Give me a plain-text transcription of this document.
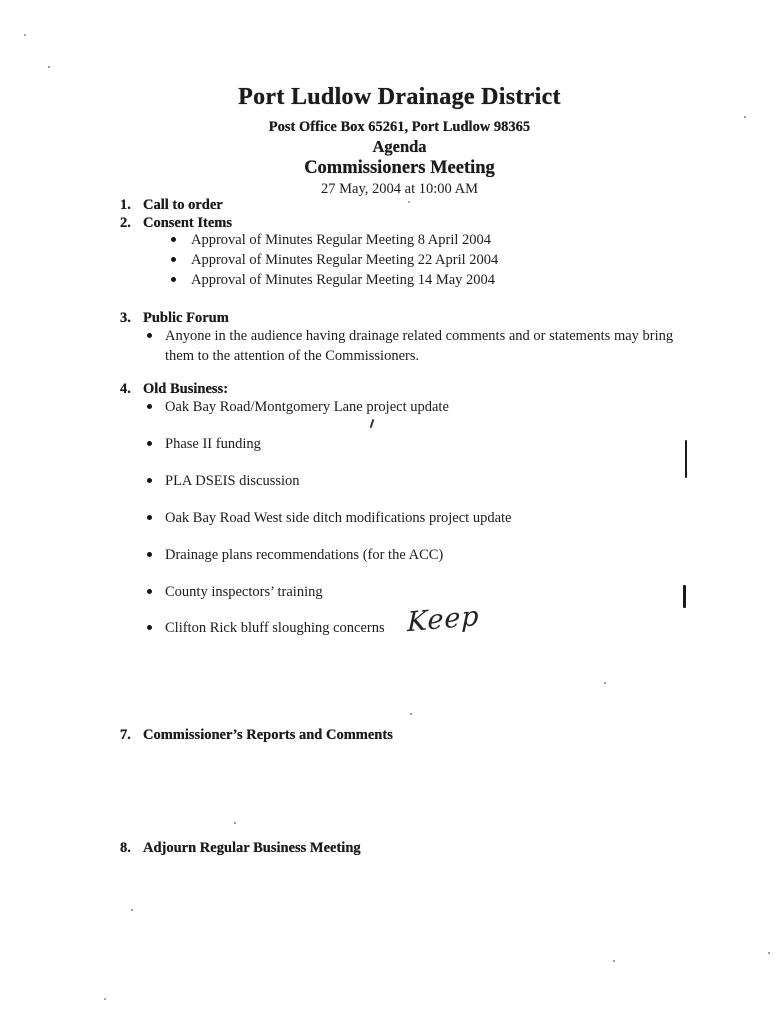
Port Ludlow Drainage District
Post Office Box 65261, Port Ludlow 98365
Agenda
Commissioners Meeting
27 May, 2004 at 10:00 AM
1. Call to order
2. Consent Items
Approval of Minutes Regular Meeting 8 April 2004
Approval of Minutes Regular Meeting 22 April 2004
Approval of Minutes Regular Meeting 14 May 2004
3. Public Forum
Anyone in the audience having drainage related comments and or statements may bring them to the attention of the Commissioners.
4. Old Business:
Oak Bay Road/Montgomery Lane project update
Phase II funding
PLA DSEIS discussion
Oak Bay Road West side ditch modifications project update
Drainage plans recommendations (for the ACC)
County inspectors’ training
Clifton Rick bluff sloughing concerns Keep
7. Commissioner’s Reports and Comments
8. Adjourn Regular Business Meeting
